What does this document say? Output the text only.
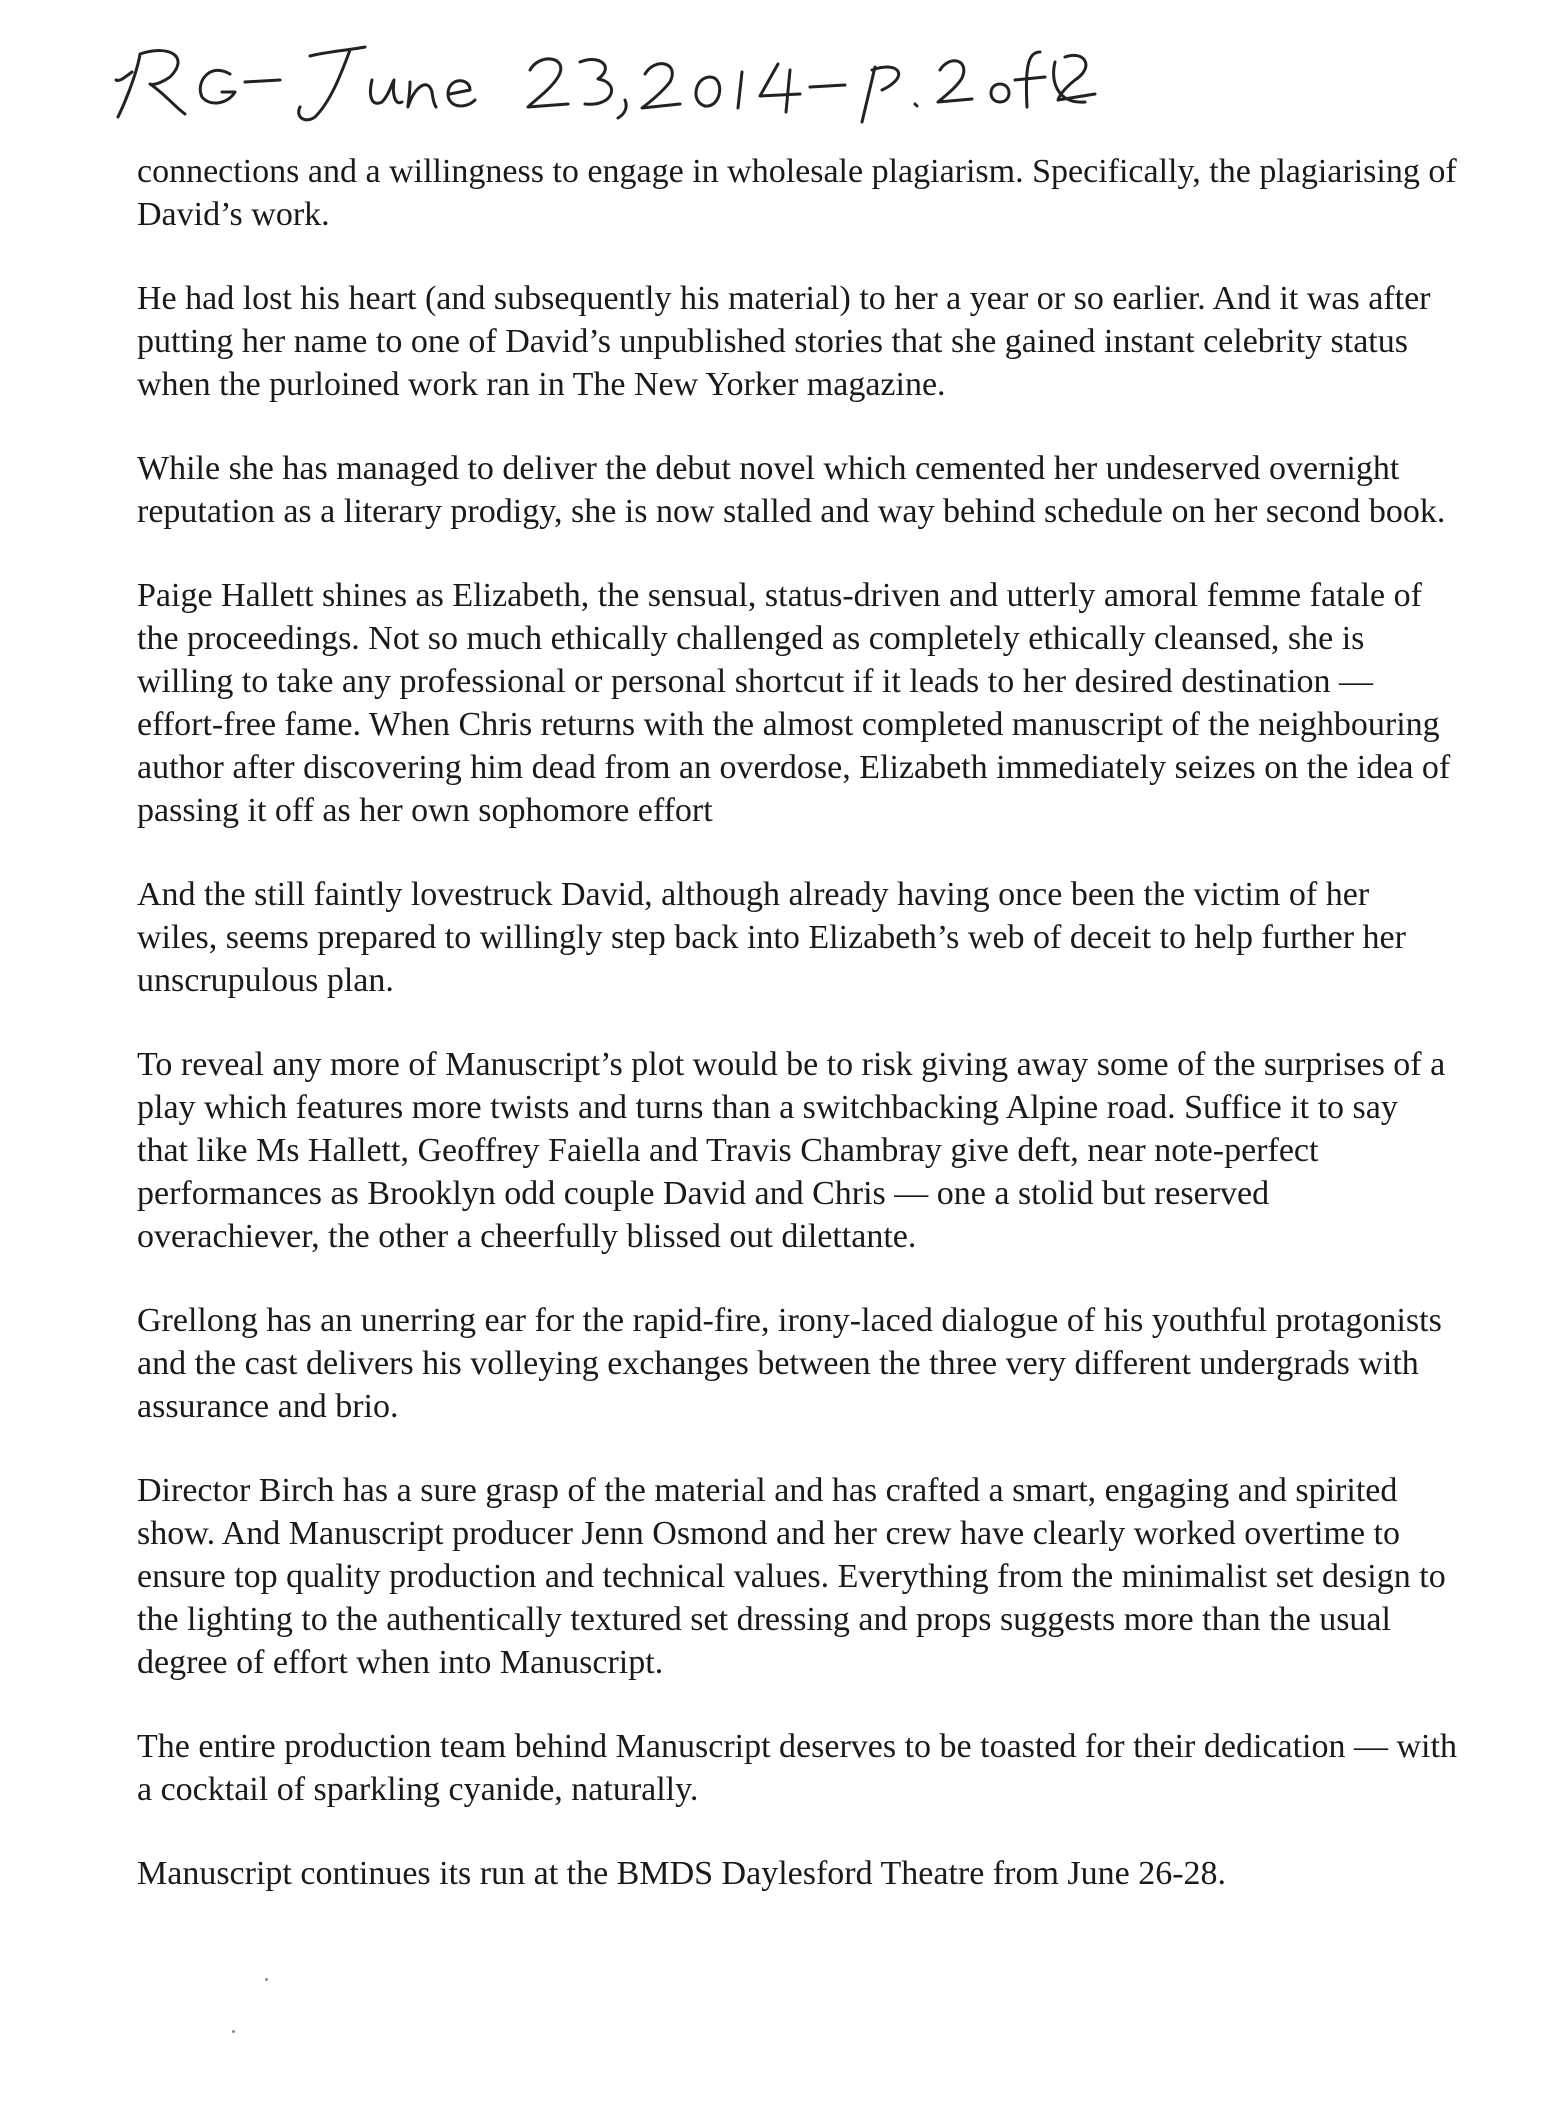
connections and a willingness to engage in wholesale plagiarism. Specifically, the plagiarising of David’s work.

He had lost his heart (and subsequently his material) to her a year or so earlier. And it was after putting her name to one of David’s unpublished stories that she gained instant celebrity status when the purloined work ran in The New Yorker magazine.

While she has managed to deliver the debut novel which cemented her undeserved overnight reputation as a literary prodigy, she is now stalled and way behind schedule on her second book.

Paige Hallett shines as Elizabeth, the sensual, status-driven and utterly amoral femme fatale of the proceedings. Not so much ethically challenged as completely ethically cleansed, she is willing to take any professional or personal shortcut if it leads to her desired destination — effort-free fame. When Chris returns with the almost completed manuscript of the neighbouring author after discovering him dead from an overdose, Elizabeth immediately seizes on the idea of passing it off as her own sophomore effort

And the still faintly lovestruck David, although already having once been the victim of her wiles, seems prepared to willingly step back into Elizabeth’s web of deceit to help further her unscrupulous plan.

To reveal any more of Manuscript’s plot would be to risk giving away some of the surprises of a play which features more twists and turns than a switchbacking Alpine road. Suffice it to say that like Ms Hallett, Geoffrey Faiella and Travis Chambray give deft, near note-perfect performances as Brooklyn odd couple David and Chris — one a stolid but reserved overachiever, the other a cheerfully blissed out dilettante.

Grellong has an unerring ear for the rapid-fire, irony-laced dialogue of his youthful protagonists and the cast delivers his volleying exchanges between the three very different undergrads with assurance and brio.

Director Birch has a sure grasp of the material and has crafted a smart, engaging and spirited show. And Manuscript producer Jenn Osmond and her crew have clearly worked overtime to ensure top quality production and technical values. Everything from the minimalist set design to the lighting to the authentically textured set dressing and props suggests more than the usual degree of effort when into Manuscript.

The entire production team behind Manuscript deserves to be toasted for their dedication — with a cocktail of sparkling cyanide, naturally.

Manuscript continues its run at the BMDS Daylesford Theatre from June 26-28.
